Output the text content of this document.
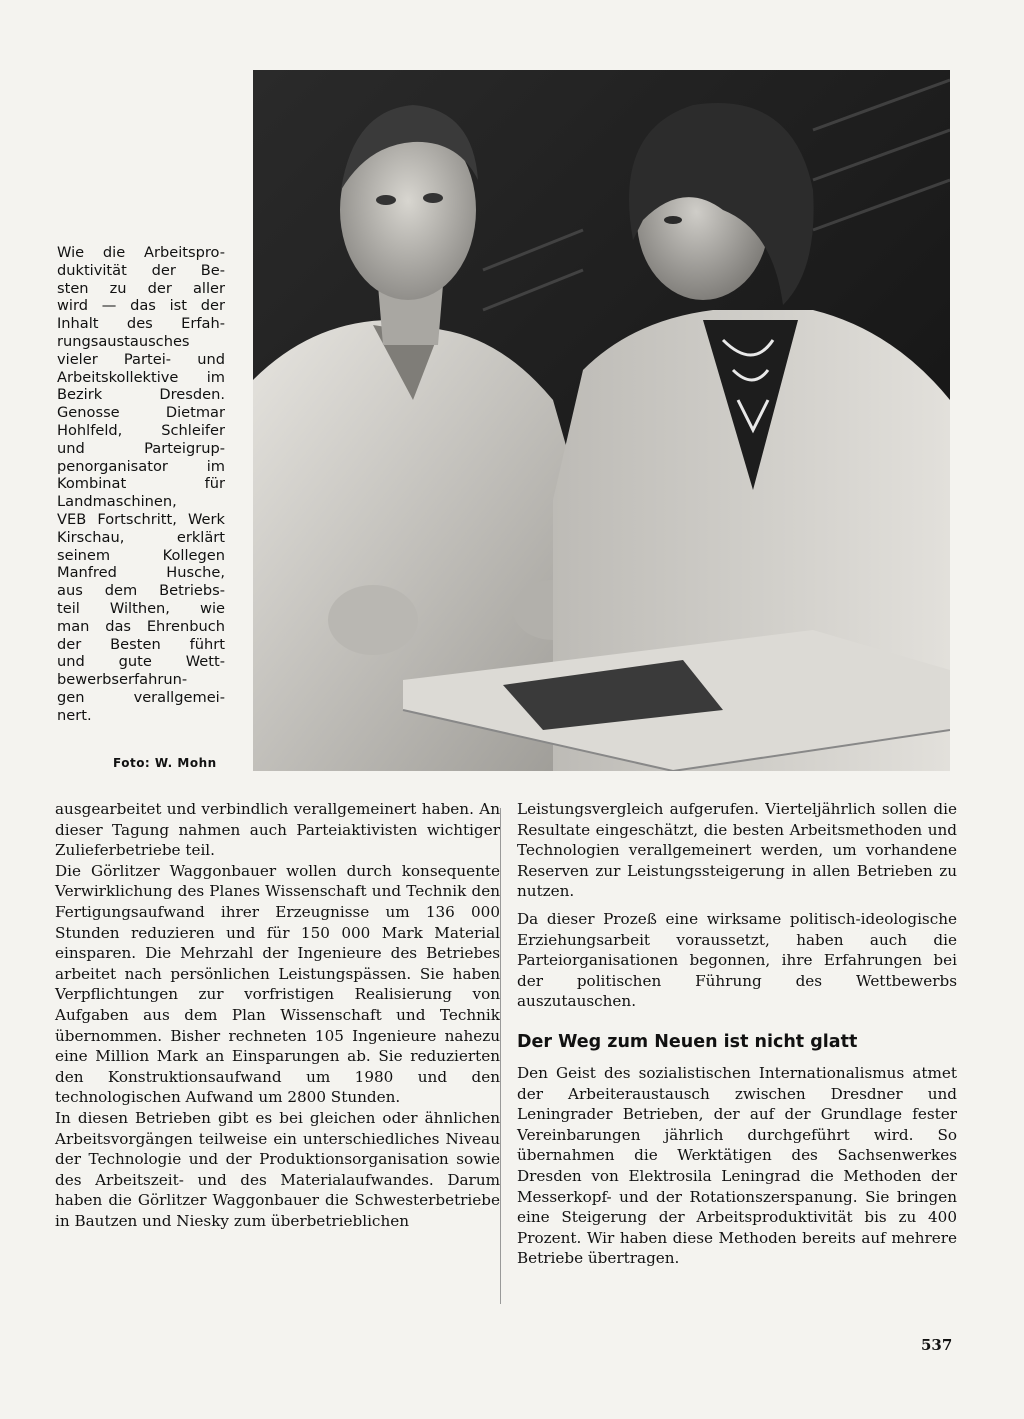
Wie die Arbeitspro-
duktivität der Be-
sten zu der aller
wird — das ist der
Inhalt des Erfah-
rungsaustausches
vieler Partei- und
Arbeitskollektive im
Bezirk Dresden.
Genosse Dietmar
Hohlfeld, Schleifer
und Parteigrup-
penorganisator im
Kombinat für
Landmaschinen,
VEB Fortschritt, Werk
Kirschau, erklärt
seinem Kollegen
Manfred Husche,
aus dem Betriebs-
teil Wilthen, wie
man das Ehrenbuch
der Besten führt
und gute Wett-
bewerbserfahrun-
gen verallgemei-
nert.
Foto: W. Mohn

ausgearbeitet und verbindlich verallgemeinert haben. An dieser Tagung nahmen auch Parteiaktivisten wichtiger Zulieferbetriebe teil.

Die Görlitzer Waggonbauer wollen durch konsequente Verwirklichung des Planes Wissenschaft und Technik den Fertigungsaufwand ihrer Erzeugnisse um 136 000 Stunden reduzieren und für 150 000 Mark Material einsparen. Die Mehrzahl der Ingenieure des Betriebes arbeitet nach persönlichen Leistungspässen. Sie haben Verpflichtungen zur vorfristigen Realisierung von Aufgaben aus dem Plan Wissenschaft und Technik übernommen. Bisher rechneten 105 Ingenieure nahezu eine Million Mark an Einsparungen ab. Sie reduzierten den Konstruktionsaufwand um 1980 und den technologischen Aufwand um 2800 Stunden.

In diesen Betrieben gibt es bei gleichen oder ähnlichen Arbeitsvorgängen teilweise ein unterschiedliches Niveau der Technologie und der Produktionsorganisation sowie des Arbeitszeit- und des Materialaufwandes. Darum haben die Görlitzer Waggonbauer die Schwesterbetriebe in Bautzen und Niesky zum überbetrieblichen

Leistungsvergleich aufgerufen. Vierteljährlich sollen die Resultate eingeschätzt, die besten Arbeitsmethoden und Technologien verallgemeinert werden, um vorhandene Reserven zur Leistungssteigerung in allen Betrieben zu nutzen.

Da dieser Prozeß eine wirksame politisch-ideologische Erziehungsarbeit voraussetzt, haben auch die Parteiorganisationen begonnen, ihre Erfahrungen bei der politischen Führung des Wettbewerbs auszutauschen.

Der Weg zum Neuen ist nicht glatt

Den Geist des sozialistischen Internationalismus atmet der Arbeiteraustausch zwischen Dresdner und Leningrader Betrieben, der auf der Grundlage fester Vereinbarungen jährlich durchgeführt wird. So übernahmen die Werktätigen des Sachsenwerkes Dresden von Elektrosila Leningrad die Methoden der Messerkopf- und der Rotationszerspanung. Sie bringen eine Steigerung der Arbeitsproduktivität bis zu 400 Prozent. Wir haben diese Methoden bereits auf mehrere Betriebe übertragen.

537
